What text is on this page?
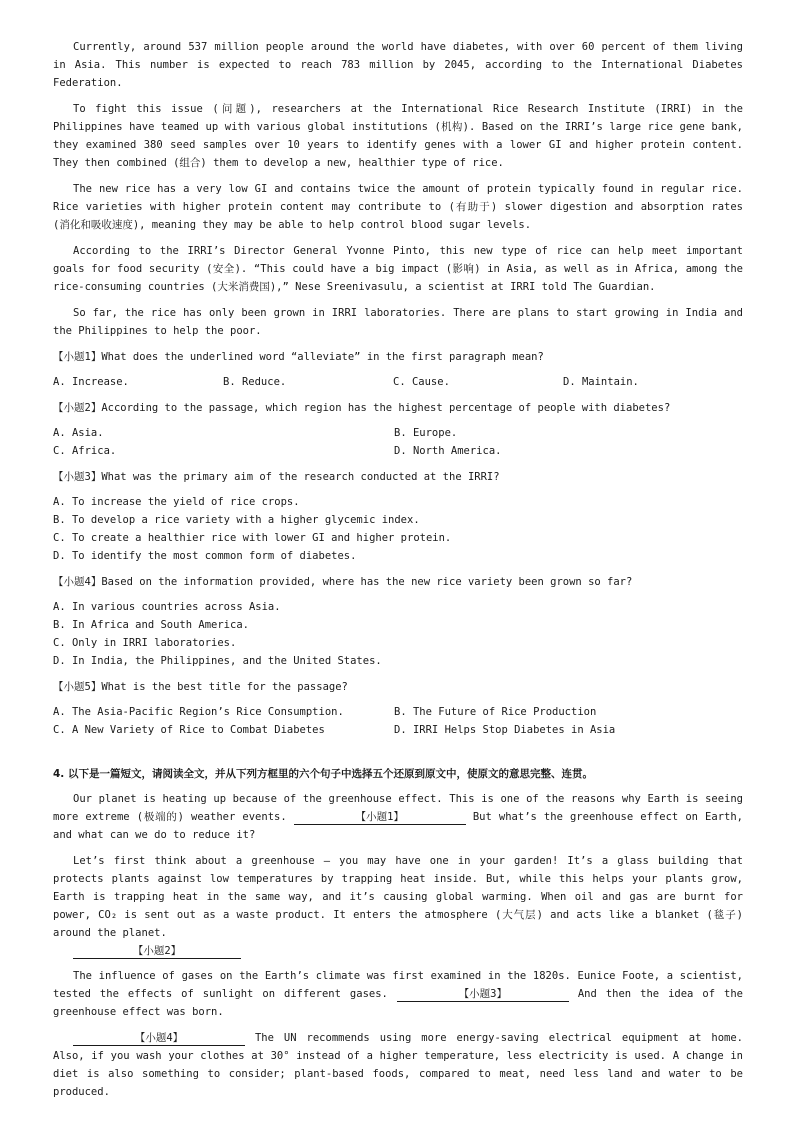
Currently, around 537 million people around the world have diabetes, with over 60 percent of them living in Asia. This number is expected to reach 783 million by 2045, according to the International Diabetes Federation.

To fight this issue (问题), researchers at the International Rice Research Institute (IRRI) in the Philippines have teamed up with various global institutions (机构). Based on the IRRI’s large rice gene bank, they examined 380 seed samples over 10 years to identify genes with a lower GI and higher protein content. They then combined (组合) them to develop a new, healthier type of rice.

The new rice has a very low GI and contains twice the amount of protein typically found in regular rice. Rice varieties with higher protein content may contribute to (有助于) slower digestion and absorption rates (消化和吸收速度), meaning they may be able to help control blood sugar levels.

According to the IRRI’s Director General Yvonne Pinto, this new type of rice can help meet important goals for food security (安全). “This could have a big impact (影响) in Asia, as well as in Africa, among the rice-consuming countries (大米消费国),” Nese Sreenivasulu, a scientist at IRRI told The Guardian.

So far, the rice has only been grown in IRRI laboratories. There are plans to start growing in India and the Philippines to help the poor.

【小题1】What does the underlined word “alleviate” in the first paragraph mean?

A. Increase.	B. Reduce.	C. Cause.	D. Maintain.

【小题2】According to the passage, which region has the highest percentage of people with diabetes?

A. Asia.	B. Europe.
C. Africa.	D. North America.

【小题3】What was the primary aim of the research conducted at the IRRI?

A. To increase the yield of rice crops.
B. To develop a rice variety with a higher glycemic index.
C. To create a healthier rice with lower GI and higher protein.
D. To identify the most common form of diabetes.

【小题4】Based on the information provided, where has the new rice variety been grown so far?

A. In various countries across Asia.
B. In Africa and South America.
C. Only in IRRI laboratories.
D. In India, the Philippines, and the United States.

【小题5】What is the best title for the passage?

A. The Asia-Pacific Region’s Rice Consumption.	B. The Future of Rice Production
C. A New Variety of Rice to Combat Diabetes	D. IRRI Helps Stop Diabetes in Asia

4. 以下是一篇短文，请阅读全文，并从下列方框里的六个句子中选择五个还原到原文中，使原文的意思完整、连贯。

Our planet is heating up because of the greenhouse effect. This is one of the reasons why Earth is seeing more extreme (极端的) weather events.	【小题1】	But what’s the greenhouse effect on Earth, and what can we do to reduce it?

Let’s first think about a greenhouse — you may have one in your garden! It’s a glass building that protects plants against low temperatures by trapping heat inside. But, while this helps your plants grow, Earth is trapping heat in the same way, and it’s causing global warming. When oil and gas are burnt for power, CO₂ is sent out as a waste product. It enters the atmosphere (大气层) and acts like a blanket (毯子) around the planet.

【小题2】

The influence of gases on the Earth’s climate was first examined in the 1820s. Eunice Foote, a scientist, tested the effects of sunlight on different gases.	【小题3】	And then the idea of the greenhouse effect was born.

【小题4】	The UN recommends using more energy-saving electrical equipment at home. Also, if you wash your clothes at 30° instead of a higher temperature, less electricity is used. A change in diet is also something to consider; plant-based foods, compared to meat, need less land and water to be produced.
